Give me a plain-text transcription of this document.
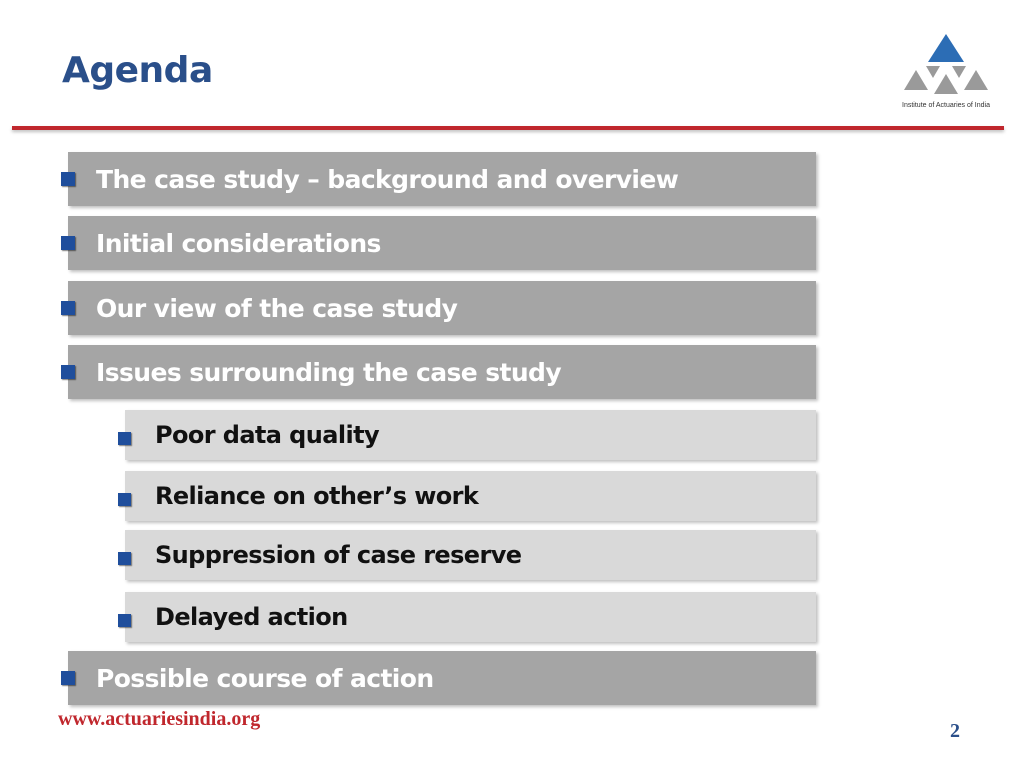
Agenda
Institute of Actuaries of India
The case study – background and overview
Initial considerations
Our view of the case study
Issues surrounding the case study
Poor data quality
Reliance on other’s work
Suppression of case reserve
Delayed action
Possible course of action
www.actuariesindia.org
2
